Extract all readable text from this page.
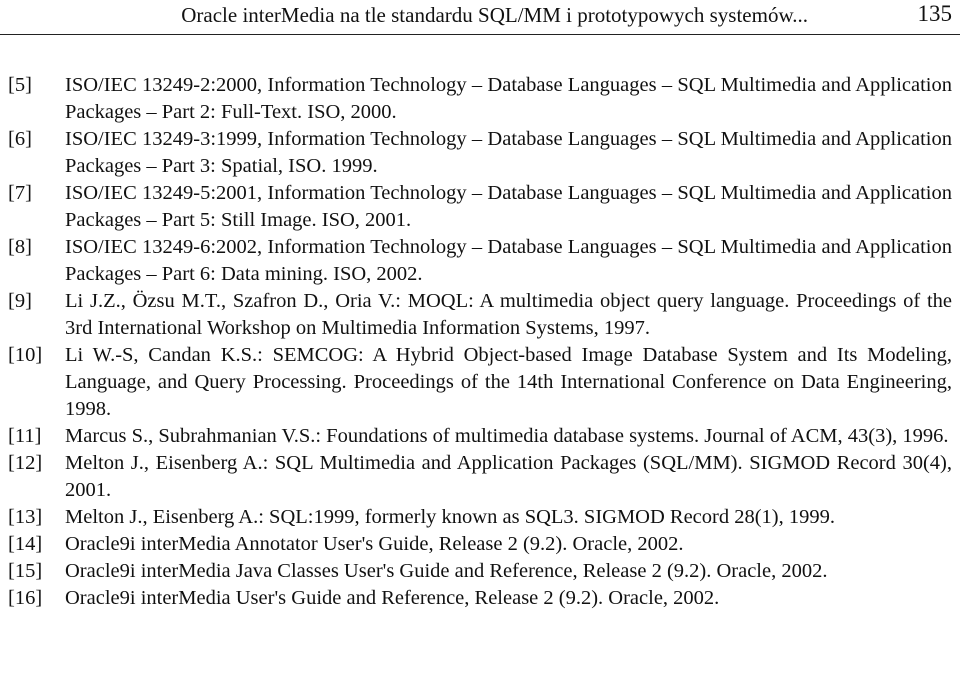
Oracle interMedia na tle standardu SQL/MM i prototypowych systemów...	135
[5]	ISO/IEC 13249-2:2000, Information Technology – Database Languages – SQL Multimedia and Application Packages – Part 2: Full-Text. ISO, 2000.
[6]	ISO/IEC 13249-3:1999, Information Technology – Database Languages – SQL Multimedia and Application Packages – Part 3: Spatial, ISO. 1999.
[7]	ISO/IEC 13249-5:2001, Information Technology – Database Languages – SQL Multimedia and Application Packages – Part 5: Still Image. ISO, 2001.
[8]	ISO/IEC 13249-6:2002, Information Technology – Database Languages – SQL Multimedia and Application Packages – Part 6: Data mining. ISO, 2002.
[9]	Li J.Z., Özsu M.T., Szafron D., Oria V.: MOQL: A multimedia object query language. Proceedings of the 3rd International Workshop on Multimedia Information Systems, 1997.
[10]	Li W.-S, Candan K.S.: SEMCOG: A Hybrid Object-based Image Database System and Its Modeling, Language, and Query Processing. Proceedings of the 14th International Conference on Data Engineering, 1998.
[11]	Marcus S., Subrahmanian V.S.: Foundations of multimedia database systems. Journal of ACM, 43(3), 1996.
[12]	Melton J., Eisenberg A.: SQL Multimedia and Application Packages (SQL/MM). SIGMOD Record 30(4), 2001.
[13]	Melton J., Eisenberg A.: SQL:1999, formerly known as SQL3. SIGMOD Record 28(1), 1999.
[14]	Oracle9i interMedia Annotator User's Guide, Release 2 (9.2). Oracle, 2002.
[15]	Oracle9i interMedia Java Classes User's Guide and Reference, Release 2 (9.2). Oracle, 2002.
[16]	Oracle9i interMedia User's Guide and Reference, Release 2 (9.2). Oracle, 2002.
